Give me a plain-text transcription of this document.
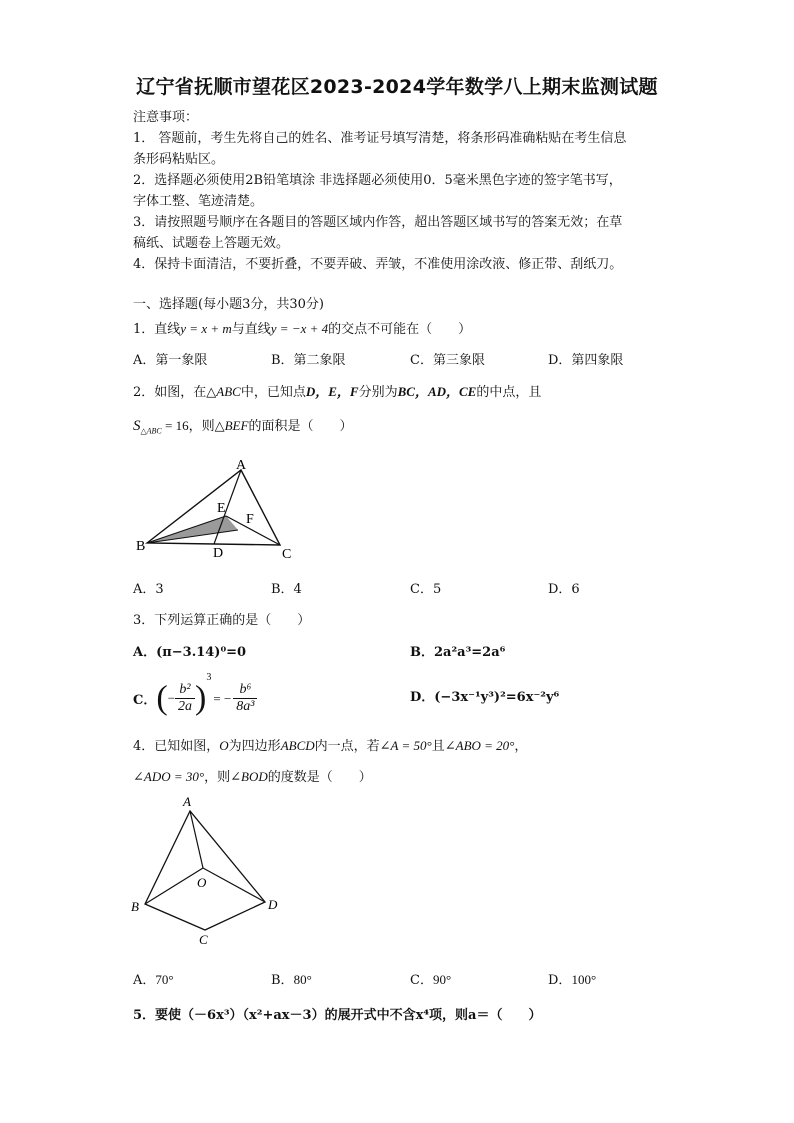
辽宁省抚顺市望花区2023-2024学年数学八上期末监测试题
注意事项：
1． 答题前，考生先将自己的姓名、准考证号填写清楚，将条形码准确粘贴在考生信息
条形码粘贴区。
2．选择题必须使用2B铅笔填涂 非选择题必须使用0．5毫米黑色字迹的签字笔书写，
字体工整、笔迹清楚。
3．请按照题号顺序在各题目的答题区域内作答，超出答题区域书写的答案无效；在草
稿纸、试题卷上答题无效。
4．保持卡面清洁，不要折叠，不要弄破、弄皱，不准使用涂改液、修正带、刮纸刀。
一、选择题(每小题3分，共30分)
1．直线y = x + m与直线y = −x + 4的交点不可能在（　　）
A．第一象限	B．第二象限	C．第三象限	D．第四象限
2．如图，在△ABC中，已知点D，E，F分别为BC，AD，CE的中点，且
$S_{\triangle ABC} = 16$，则△BEF的面积是（　　）
A
B
C
D
E
F
A．3	B．4	C．5	D．6
3．下列运算正确的是（　　）
A．(π−3.14)⁰=0	B．2a²a³=2a⁶
C．(− $\frac{\text{b²}}{2a} )^3= - \frac{\text{b⁶}}{\text{8a³}}$	D．(−3x⁻¹y³)²=6x⁻²y⁶
4．已知如图，O为四边形ABCD内一点，若∠A = 50°且∠ABO = 20°，
∠ADO = 30°，则∠BOD的度数是（　　）
A
B
C
D
O
A．70°	B．80°	C．90°	D．100°
5．要使（－6x³）（x²+ax－3）的展开式中不含x⁴项，则a＝（　　）
